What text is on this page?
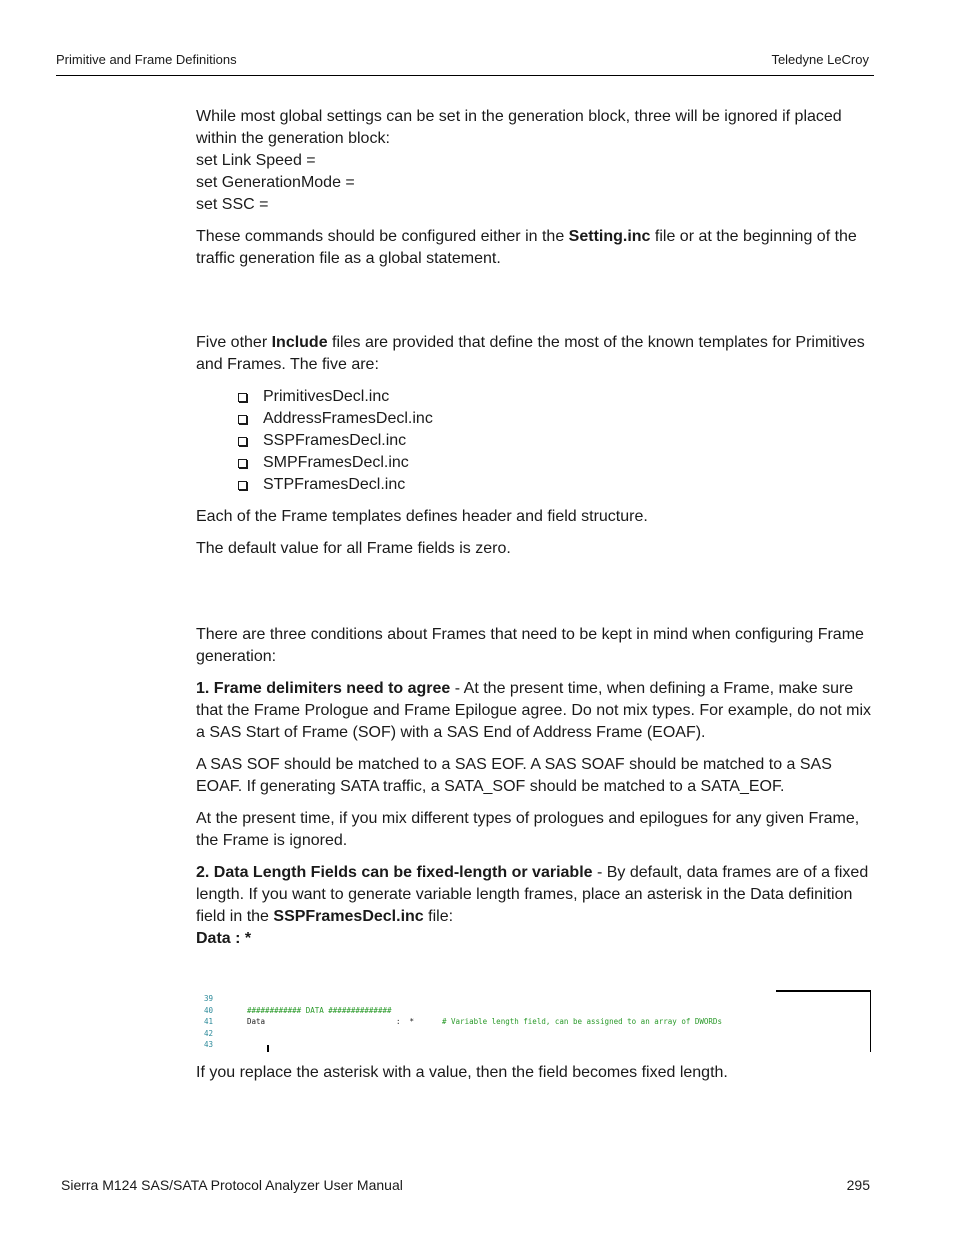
Primitive and Frame Definitions	Teledyne LeCroy

While most global settings can be set in the generation block, three will be ignored if placed within the generation block:
set Link Speed =
set GenerationMode =
set SSC =

These commands should be configured either in the Setting.inc file or at the beginning of the traffic generation file as a global statement.

Five other Include files are provided that define the most of the known templates for Primitives and Frames. The five are:

PrimitivesDecl.inc
AddressFramesDecl.inc
SSPFramesDecl.inc
SMPFramesDecl.inc
STPFramesDecl.inc

Each of the Frame templates defines header and field structure.

The default value for all Frame fields is zero.

There are three conditions about Frames that need to be kept in mind when configuring Frame generation:

1. Frame delimiters need to agree - At the present time, when defining a Frame, make sure that the Frame Prologue and Frame Epilogue agree. Do not mix types. For example, do not mix a SAS Start of Frame (SOF) with a SAS End of Address Frame (EOAF).

A SAS SOF should be matched to a SAS EOF. A SAS SOAF should be matched to a SAS EOAF. If generating SATA traffic, a SATA_SOF should be matched to a SATA_EOF.

At the present time, if you mix different types of prologues and epilogues for any given Frame, the Frame is ignored.

2. Data Length Fields can be fixed-length or variable - By default, data frames are of a fixed length. If you want to generate variable length frames, place an asterisk in the Data definition field in the SSPFramesDecl.inc file:
Data : *

39
40	############ DATA ##############
41	Data	:  *	# Variable length field, can be assigned to an array of DWORDs
42
43

If you replace the asterisk with a value, then the field becomes fixed length.

Sierra M124 SAS/SATA Protocol Analyzer User Manual	295
